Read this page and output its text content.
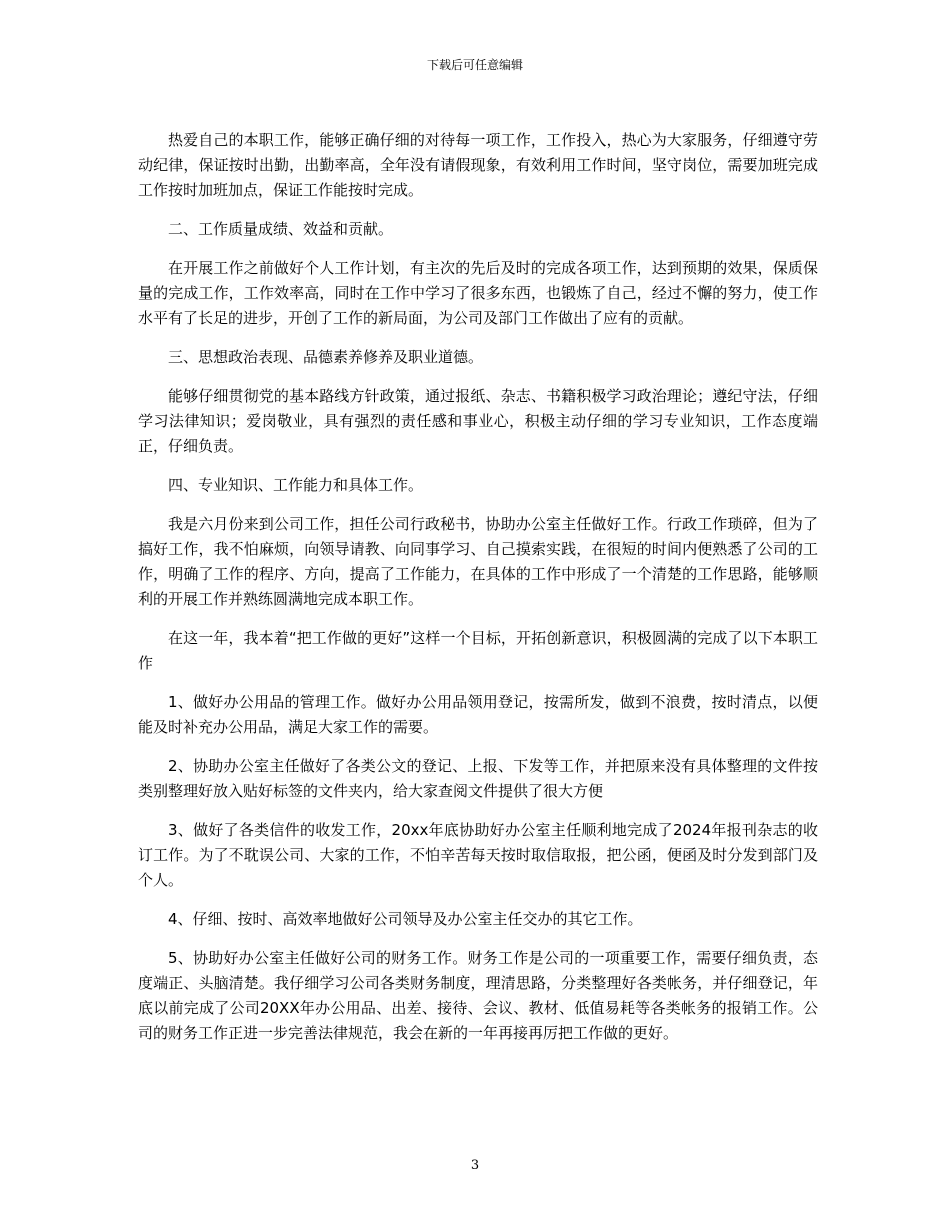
下载后可任意编辑

热爱自己的本职工作，能够正确仔细的对待每一项工作，工作投入，热心为大家服务，仔细遵守劳动纪律，保证按时出勤，出勤率高，全年没有请假现象，有效利用工作时间，坚守岗位，需要加班完成工作按时加班加点，保证工作能按时完成。

二、工作质量成绩、效益和贡献。

在开展工作之前做好个人工作计划，有主次的先后及时的完成各项工作，达到预期的效果，保质保量的完成工作，工作效率高，同时在工作中学习了很多东西，也锻炼了自己，经过不懈的努力，使工作水平有了长足的进步，开创了工作的新局面，为公司及部门工作做出了应有的贡献。

三、思想政治表现、品德素养修养及职业道德。

能够仔细贯彻党的基本路线方针政策，通过报纸、杂志、书籍积极学习政治理论；遵纪守法，仔细学习法律知识；爱岗敬业，具有强烈的责任感和事业心，积极主动仔细的学习专业知识，工作态度端正，仔细负责。

四、专业知识、工作能力和具体工作。

我是六月份来到公司工作，担任公司行政秘书，协助办公室主任做好工作。行政工作琐碎，但为了搞好工作，我不怕麻烦，向领导请教、向同事学习、自己摸索实践，在很短的时间内便熟悉了公司的工作，明确了工作的程序、方向，提高了工作能力，在具体的工作中形成了一个清楚的工作思路，能够顺利的开展工作并熟练圆满地完成本职工作。

在这一年，我本着“把工作做的更好”这样一个目标，开拓创新意识，积极圆满的完成了以下本职工作

1、做好办公用品的管理工作。做好办公用品领用登记，按需所发，做到不浪费，按时清点，以便能及时补充办公用品，满足大家工作的需要。

2、协助办公室主任做好了各类公文的登记、上报、下发等工作，并把原来没有具体整理的文件按类别整理好放入贴好标签的文件夹内，给大家查阅文件提供了很大方便

3、做好了各类信件的收发工作，20xx年底协助好办公室主任顺利地完成了2024年报刊杂志的收订工作。为了不耽误公司、大家的工作，不怕辛苦每天按时取信取报，把公函，便函及时分发到部门及个人。

4、仔细、按时、高效率地做好公司领导及办公室主任交办的其它工作。

5、协助好办公室主任做好公司的财务工作。财务工作是公司的一项重要工作，需要仔细负责，态度端正、头脑清楚。我仔细学习公司各类财务制度，理清思路，分类整理好各类帐务，并仔细登记，年底以前完成了公司20XX年办公用品、出差、接待、会议、教材、低值易耗等各类帐务的报销工作。公司的财务工作正进一步完善法律规范，我会在新的一年再接再厉把工作做的更好。

3
